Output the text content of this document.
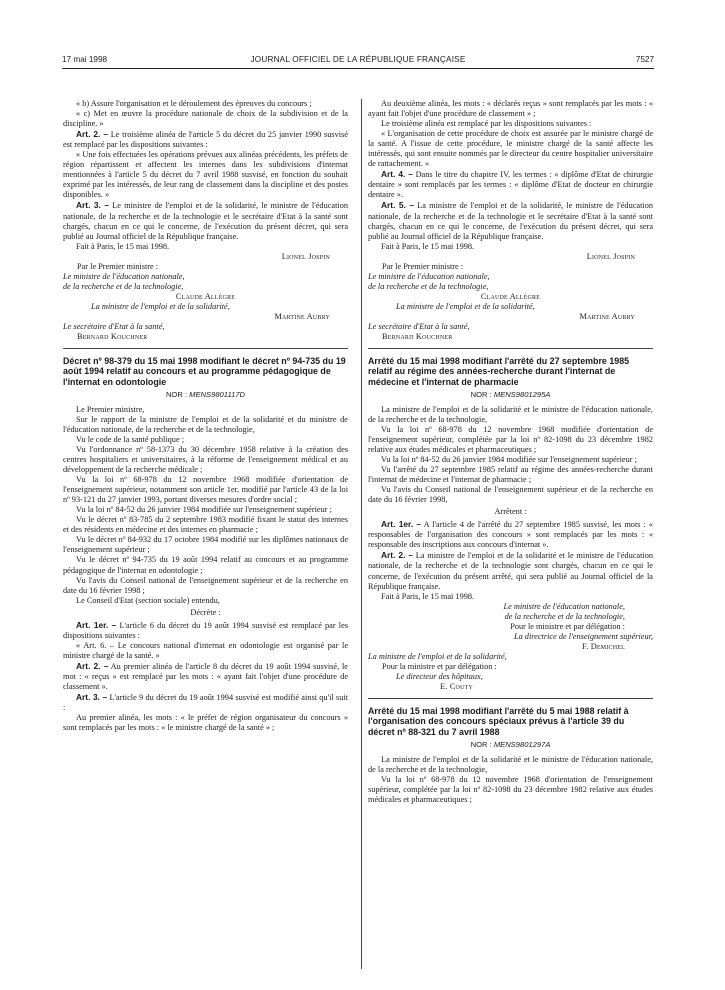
17 mai 1998	JOURNAL OFFICIEL DE LA RÉPUBLIQUE FRANÇAISE	7527

« b) Assure l'organisation et le déroulement des épreuves du concours ;

« c) Met en œuvre la procédure nationale de choix de la subdivision et de la discipline. »

Art. 2. – Le troisième alinéa de l'article 5 du décret du 25 janvier 1990 susvisé est remplacé par les dispositions suivantes :

« Une fois effectuées les opérations prévues aux alinéas précédents, les préfets de région répartissent et affectent les internes dans les subdivisions d'internat mentionnées à l'article 5 du décret du 7 avril 1988 susvisé, en fonction du souhait exprimé par les intéressés, de leur rang de classement dans la discipline et des postes disponibles. »

Art. 3. – Le ministre de l'emploi et de la solidarité, le ministre de l'éducation nationale, de la recherche et de la technologie et le secrétaire d'Etat à la santé sont chargés, chacun en ce qui le concerne, de l'exécution du présent décret, qui sera publié au Journal officiel de la République française.

Fait à Paris, le 15 mai 1998.

Lionel Jospin

Par le Premier ministre :

Le ministre de l'éducation nationale,

de la recherche et de la technologie,

Claude Allègre

La ministre de l'emploi et de la solidarité,

Martine Aubry

Le secrétaire d'Etat à la santé,

Bernard Kouchner

Décret nº 98-379 du 15 mai 1998 modifiant le décret nº 94-735 du 19 août 1994 relatif au concours et au programme pédagogique de l'internat en odontologie

NOR : MENS9801117D

Le Premier ministre,

Sur le rapport de la ministre de l'emploi et de la solidarité et du ministre de l'éducation nationale, de la recherche et de la technologie,

Vu le code de la santé publique ;

Vu l'ordonnance nº 58-1373 du 30 décembre 1958 relative à la création des centres hospitaliers et universitaires, à la réforme de l'enseignement médical et au développement de la recherche médicale ;

Vu la loi nº 68-978 du 12 novembre 1968 modifiée d'orientation de l'enseignement supérieur, notamment son article 1er, modifié par l'article 43 de la loi nº 93-121 du 27 janvier 1993, portant diverses mesures d'ordre social ;

Vu la loi nº 84-52 du 26 janvier 1984 modifiée sur l'enseignement supérieur ;

Vu le décret nº 83-785 du 2 septembre 1983 modifié fixant le statut des internes et des résidents en médecine et des internes en pharmacie ;

Vu le décret nº 84-932 du 17 octobre 1984 modifié sur les diplômes nationaux de l'enseignement supérieur ;

Vu le décret nº 94-735 du 19 août 1994 relatif au concours et au programme pédagogique de l'internat en odontologie ;

Vu l'avis du Conseil national de l'enseignement supérieur et de la recherche en date du 16 février 1998 ;

Le Conseil d'Etat (section sociale) entendu,

Décrète :

Art. 1er. – L'article 6 du décret du 19 août 1994 susvisé est remplacé par les dispositions suivantes :

« Art. 6. – Le concours national d'internat en odontologie est organisé par le ministre chargé de la santé. »

Art. 2. – Au premier alinéa de l'article 8 du décret du 19 août 1994 susvisé, le mot : « reçus » est remplacé par les mots : « ayant fait l'objet d'une procédure de classement ».

Art. 3. – L'article 9 du décret du 19 août 1994 susvisé est modifié ainsi qu'il suit :

Au premier alinéa, les mots : « le préfet de région organisateur du concours » sont remplacés par les mots : « le ministre chargé de la santé » ;

Au deuxième alinéa, les mots : « déclarés reçus » sont remplacés par les mots : « ayant fait l'objet d'une procédure de classement » ;

Le troisième alinéa est remplacé par les dispositions suivantes :

« L'organisation de cette procédure de choix est assurée par le ministre chargé de la santé. A l'issue de cette procédure, le ministre chargé de la santé affecte les intéressés, qui sont ensuite nommés par le directeur du centre hospitalier universitaire de rattachement. »

Art. 4. – Dans le titre du chapitre IV, les termes : « diplôme d'Etat de chirurgie dentaire » sont remplacés par les termes : « diplôme d'Etat de docteur en chirurgie dentaire ».

Art. 5. – La ministre de l'emploi et de la solidarité, le ministre de l'éducation nationale, de la recherche et de la technologie et le secrétaire d'Etat à la santé sont chargés, chacun en ce qui le concerne, de l'exécution du présent décret, qui sera publié au Journal officiel de la République française.

Fait à Paris, le 15 mai 1998.

Lionel Jospin

Par le Premier ministre :

Le ministre de l'éducation nationale,

de la recherche et de la technologie,

Claude Allègre

La ministre de l'emploi et de la solidarité,

Martine Aubry

Le secrétaire d'Etat à la santé,

Bernard Kouchner

Arrêté du 15 mai 1998 modifiant l'arrêté du 27 septembre 1985 relatif au régime des années-recherche durant l'internat de médecine et l'internat de pharmacie

NOR : MENS9801295A

La ministre de l'emploi et de la solidarité et le ministre de l'éducation nationale, de la recherche et de la technologie,

Vu la loi nº 68-978 du 12 novembre 1968 modifiée d'orientation de l'enseignement supérieur, complétée par la loi nº 82-1098 du 23 décembre 1982 relative aux études médicales et pharmaceutiques ;

Vu la loi nº 84-52 du 26 janvier 1984 modifiée sur l'enseignement supérieur ;

Vu l'arrêté du 27 septembre 1985 relatif au régime des années-recherche durant l'internat de médecine et l'internat de pharmacie ;

Vu l'avis du Conseil national de l'enseignement supérieur et de la recherche en date du 16 février 1998,

Arrêtent :

Art. 1er. – A l'article 4 de l'arrêté du 27 septembre 1985 susvisé, les mots : « responsables de l'organisation des concours » sont remplacés par les mots : « responsable des inscriptions aux concours d'internat ».

Art. 2. – La ministre de l'emploi et de la solidarité et le ministre de l'éducation nationale, de la recherche et de la technologie sont chargés, chacun en ce qui le concerne, de l'exécution du présent arrêté, qui sera publié au Journal officiel de la République française.

Fait à Paris, le 15 mai 1998.

Le ministre de l'éducation nationale,

de la recherche et de la technologie,

Pour le ministre et par délégation :

La directrice de l'enseignement supérieur,

F. Demichel

La ministre de l'emploi et de la solidarité,

Pour la ministre et par délégation :

Le directeur des hôpitaux,

E. Couty

Arrêté du 15 mai 1998 modifiant l'arrêté du 5 mai 1988 relatif à l'organisation des concours spéciaux prévus à l'article 39 du décret nº 88-321 du 7 avril 1988

NOR : MENS9801297A

La ministre de l'emploi et de la solidarité et le ministre de l'éducation nationale, de la recherche et de la technologie,

Vu la loi nº 68-978 du 12 novembre 1968 d'orientation de l'enseignement supérieur, complétée par la loi nº 82-1098 du 23 décembre 1982 relative aux études médicales et pharmaceutiques ;
